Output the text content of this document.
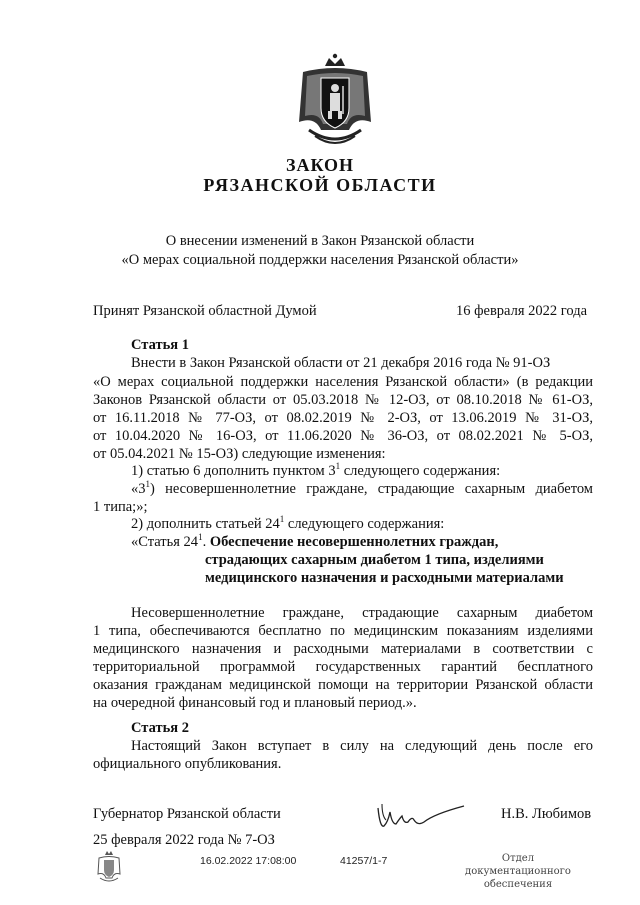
ЗАКОН
РЯЗАНСКОЙ ОБЛАСТИ
О внесении изменений в Закон Рязанской области
«О мерах социальной поддержки населения Рязанской области»
Принят Рязанской областной Думой	16 февраля 2022 года
Статья 1
Внести в Закон Рязанской области от 21 декабря 2016 года № 91-ОЗ
«О мерах социальной поддержки населения Рязанской области» (в редакции
Законов Рязанской области от 05.03.2018 № 12-ОЗ, от 08.10.2018 № 61-ОЗ,
от 16.11.2018 № 77-ОЗ, от 08.02.2019 № 2-ОЗ, от 13.06.2019 № 31-ОЗ,
от 10.04.2020 № 16-ОЗ, от 11.06.2020 № 36-ОЗ, от 08.02.2021 № 5-ОЗ,
от 05.04.2021 № 15-ОЗ) следующие изменения:
1) статью 6 дополнить пунктом $3^1$ следующего содержания:
«$3^1$) несовершеннолетние граждане, страдающие сахарным диабетом
1 типа;»;
2) дополнить статьей $24^1$ следующего содержания:
«Статья $24^1$. Обеспечение несовершеннолетних граждан,
страдающих сахарным диабетом 1 типа, изделиями
медицинского назначения и расходными материалами
Несовершеннолетние граждане, страдающие сахарным диабетом
1 типа, обеспечиваются бесплатно по медицинским показаниям изделиями
медицинского назначения и расходными материалами в соответствии с
территориальной программой государственных гарантий бесплатного
оказания гражданам медицинской помощи на территории Рязанской области
на очередной финансовый год и плановый период.».
Статья 2
Настоящий Закон вступает в силу на следующий день после его
официального опубликования.
Губернатор Рязанской области	Н.В. Любимов
25 февраля 2022 года № 7-ОЗ
16.02.2022 17:08:00	41257/1-7	Отдел документационного
обеспечения
